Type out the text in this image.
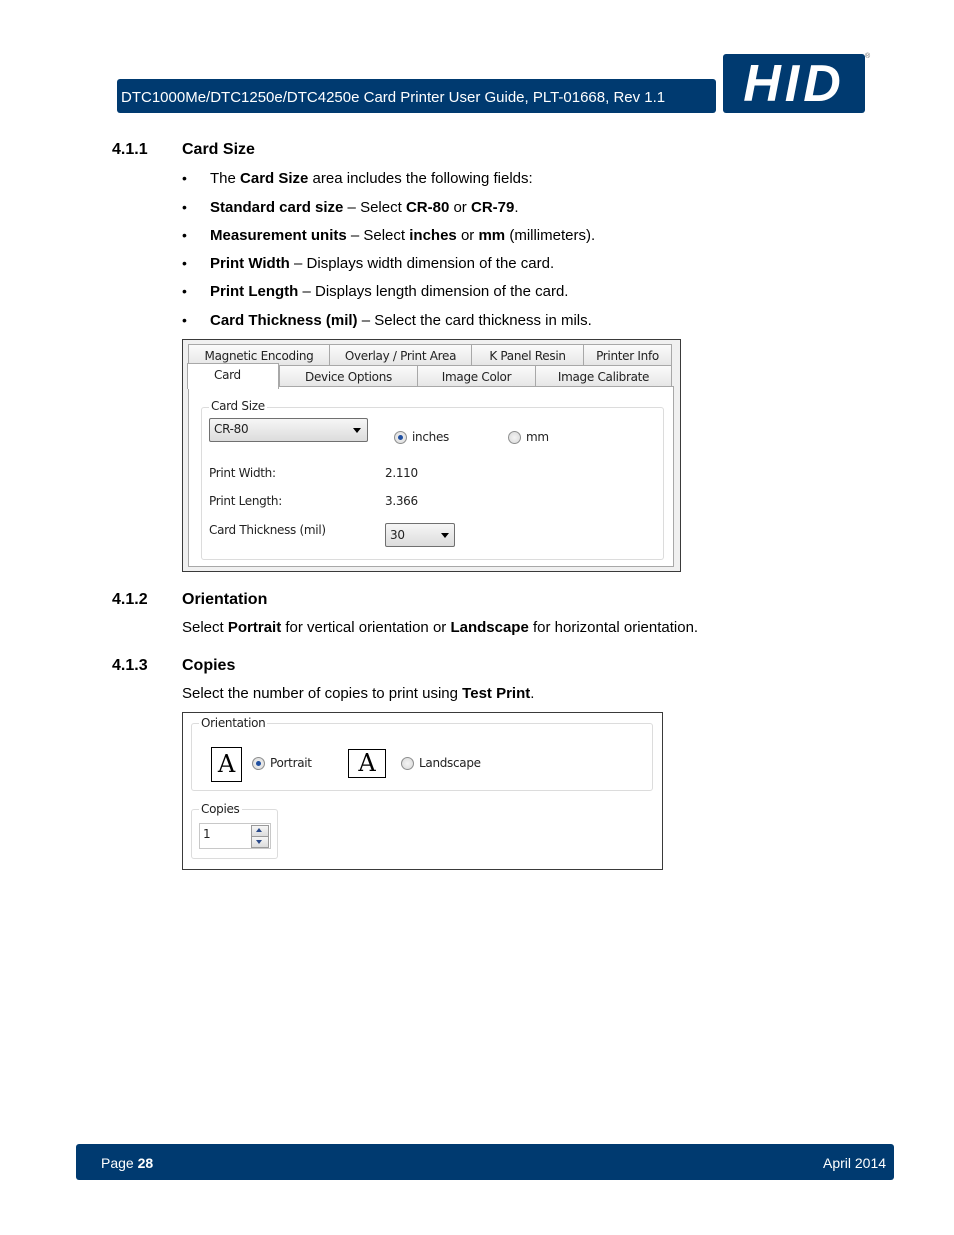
DTC1000Me/DTC1250e/DTC4250e Card Printer User Guide, PLT-01668, Rev 1.1	HID	®
4.1.1 Card Size
• The Card Size area includes the following fields:
• Standard card size – Select CR-80 or CR-79.
• Measurement units – Select inches or mm (millimeters).
• Print Width – Displays width dimension of the card.
• Print Length – Displays length dimension of the card.
• Card Thickness (mil) – Select the card thickness in mils.
Magnetic Encoding	Overlay / Print Area	K Panel Resin	Printer Info
Device Options	Image Color	Image Calibrate
Card
Card Size
CR-80
inches	mm
Print Width:	2.110
Print Length:	3.366
Card Thickness (mil)	30
4.1.2 Orientation
Select Portrait for vertical orientation or Landscape for horizontal orientation.
4.1.3 Copies
Select the number of copies to print using Test Print.
Orientation
A	Portrait	A	Landscape
Copies
1
Page 28	April 2014
